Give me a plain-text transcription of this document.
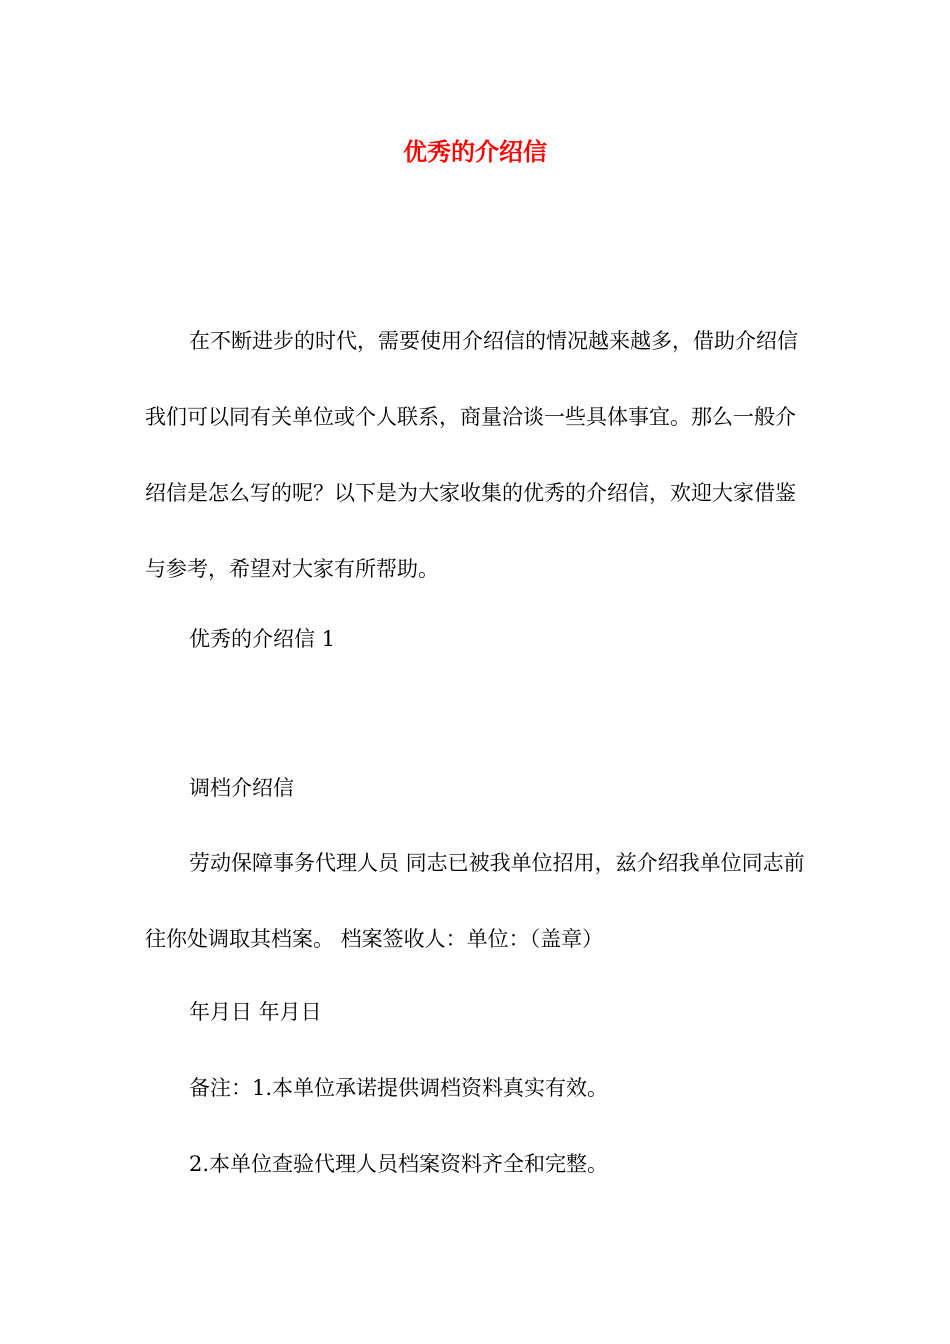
优秀的介绍信

在不断进步的时代，需要使用介绍信的情况越来越多，借助介绍信我们可以同有关单位或个人联系，商量洽谈一些具体事宜。那么一般介绍信是怎么写的呢？以下是为大家收集的优秀的介绍信，欢迎大家借鉴与参考，希望对大家有所帮助。

优秀的介绍信 1

调档介绍信

劳动保障事务代理人员 同志已被我单位招用，兹介绍我单位同志前往你处调取其档案。 档案签收人：单位：（盖章）

年月日 年月日

备注：1.本单位承诺提供调档资料真实有效。

2.本单位查验代理人员档案资料齐全和完整。
